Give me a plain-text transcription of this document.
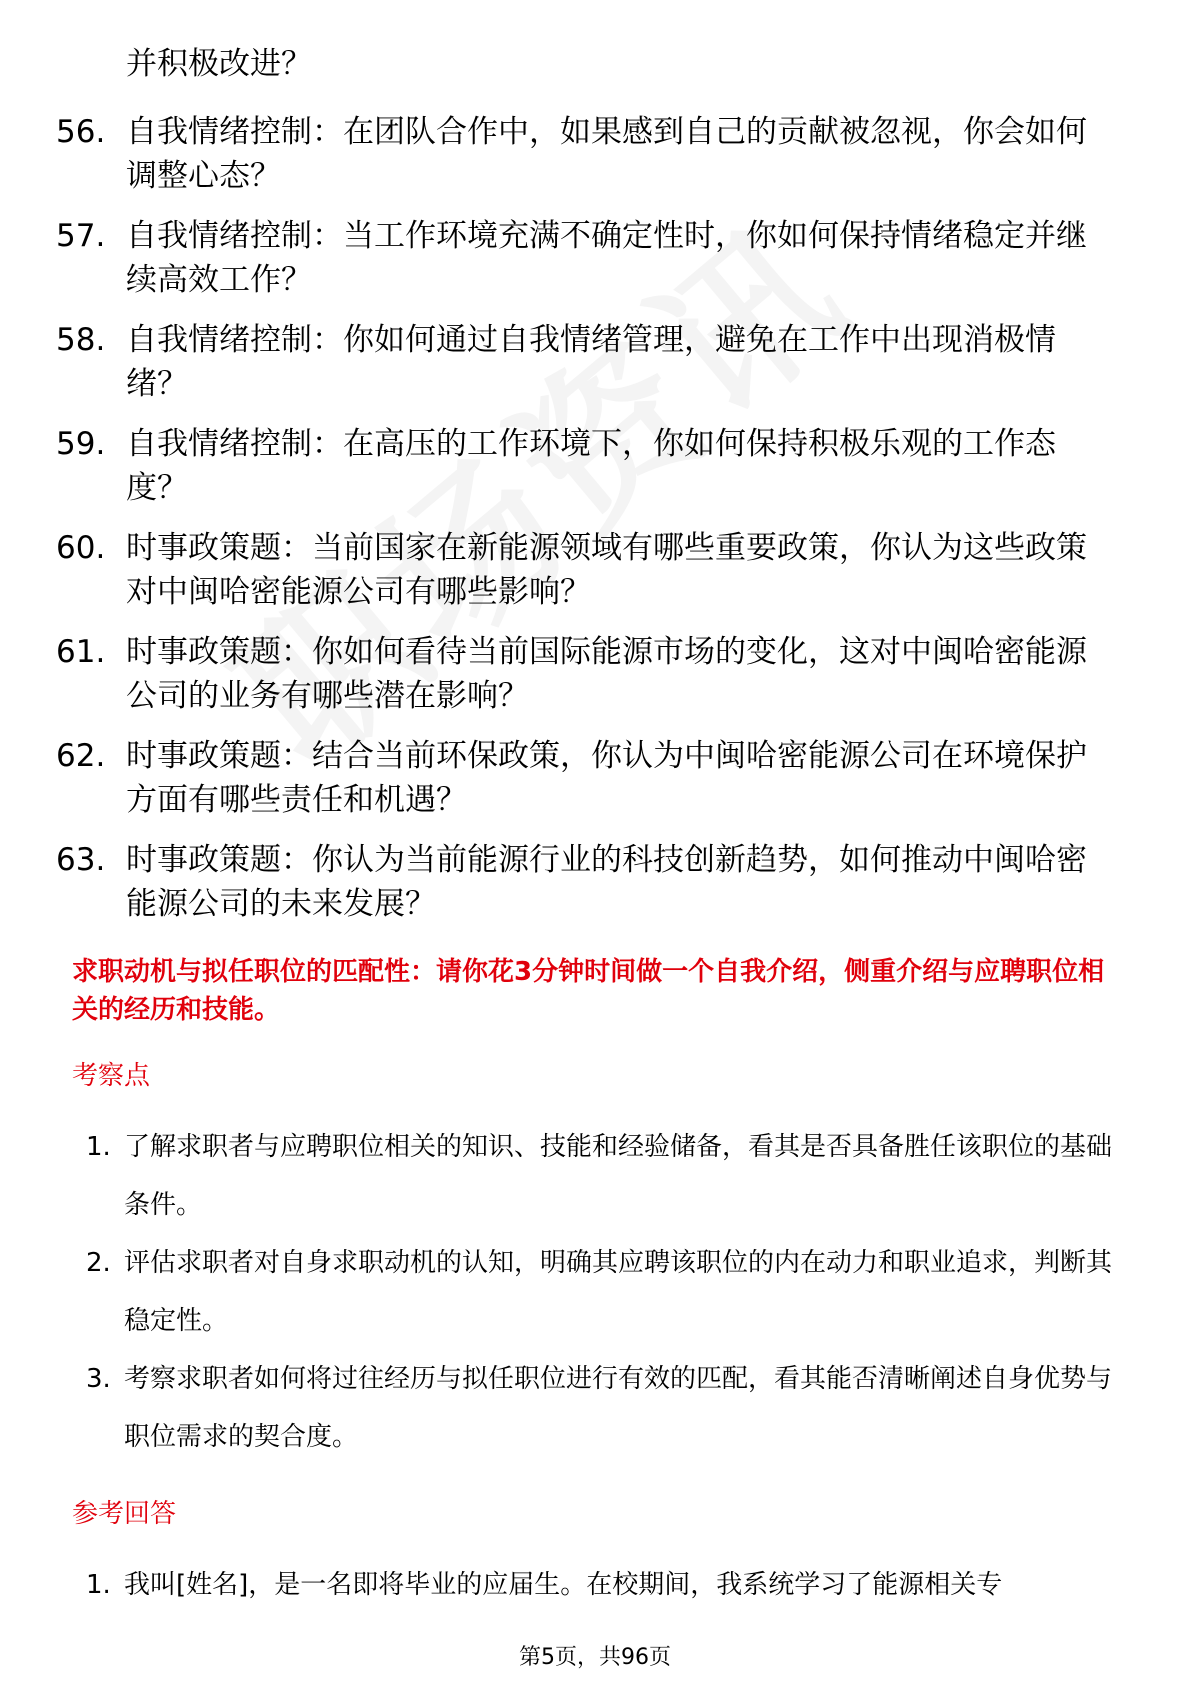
并积极改进？
56. 自我情绪控制：在团队合作中，如果感到自己的贡献被忽视，你会如何调整心态？
57. 自我情绪控制：当工作环境充满不确定性时，你如何保持情绪稳定并继续高效工作？
58. 自我情绪控制：你如何通过自我情绪管理，避免在工作中出现消极情绪？
59. 自我情绪控制：在高压的工作环境下，你如何保持积极乐观的工作态度？
60. 时事政策题：当前国家在新能源领域有哪些重要政策，你认为这些政策对中闽哈密能源公司有哪些影响？
61. 时事政策题：你如何看待当前国际能源市场的变化，这对中闽哈密能源公司的业务有哪些潜在影响？
62. 时事政策题：结合当前环保政策，你认为中闽哈密能源公司在环境保护方面有哪些责任和机遇？
63. 时事政策题：你认为当前能源行业的科技创新趋势，如何推动中闽哈密能源公司的未来发展？
求职动机与拟任职位的匹配性：请你花3分钟时间做一个自我介绍，侧重介绍与应聘职位相关的经历和技能。
考察点
1. 了解求职者与应聘职位相关的知识、技能和经验储备，看其是否具备胜任该职位的基础条件。
2. 评估求职者对自身求职动机的认知，明确其应聘该职位的内在动力和职业追求，判断其稳定性。
3. 考察求职者如何将过往经历与拟任职位进行有效的匹配，看其能否清晰阐述自身优势与职位需求的契合度。
参考回答
1. 我叫[姓名]，是一名即将毕业的应届生。在校期间，我系统学习了能源相关专
第5页，共96页
